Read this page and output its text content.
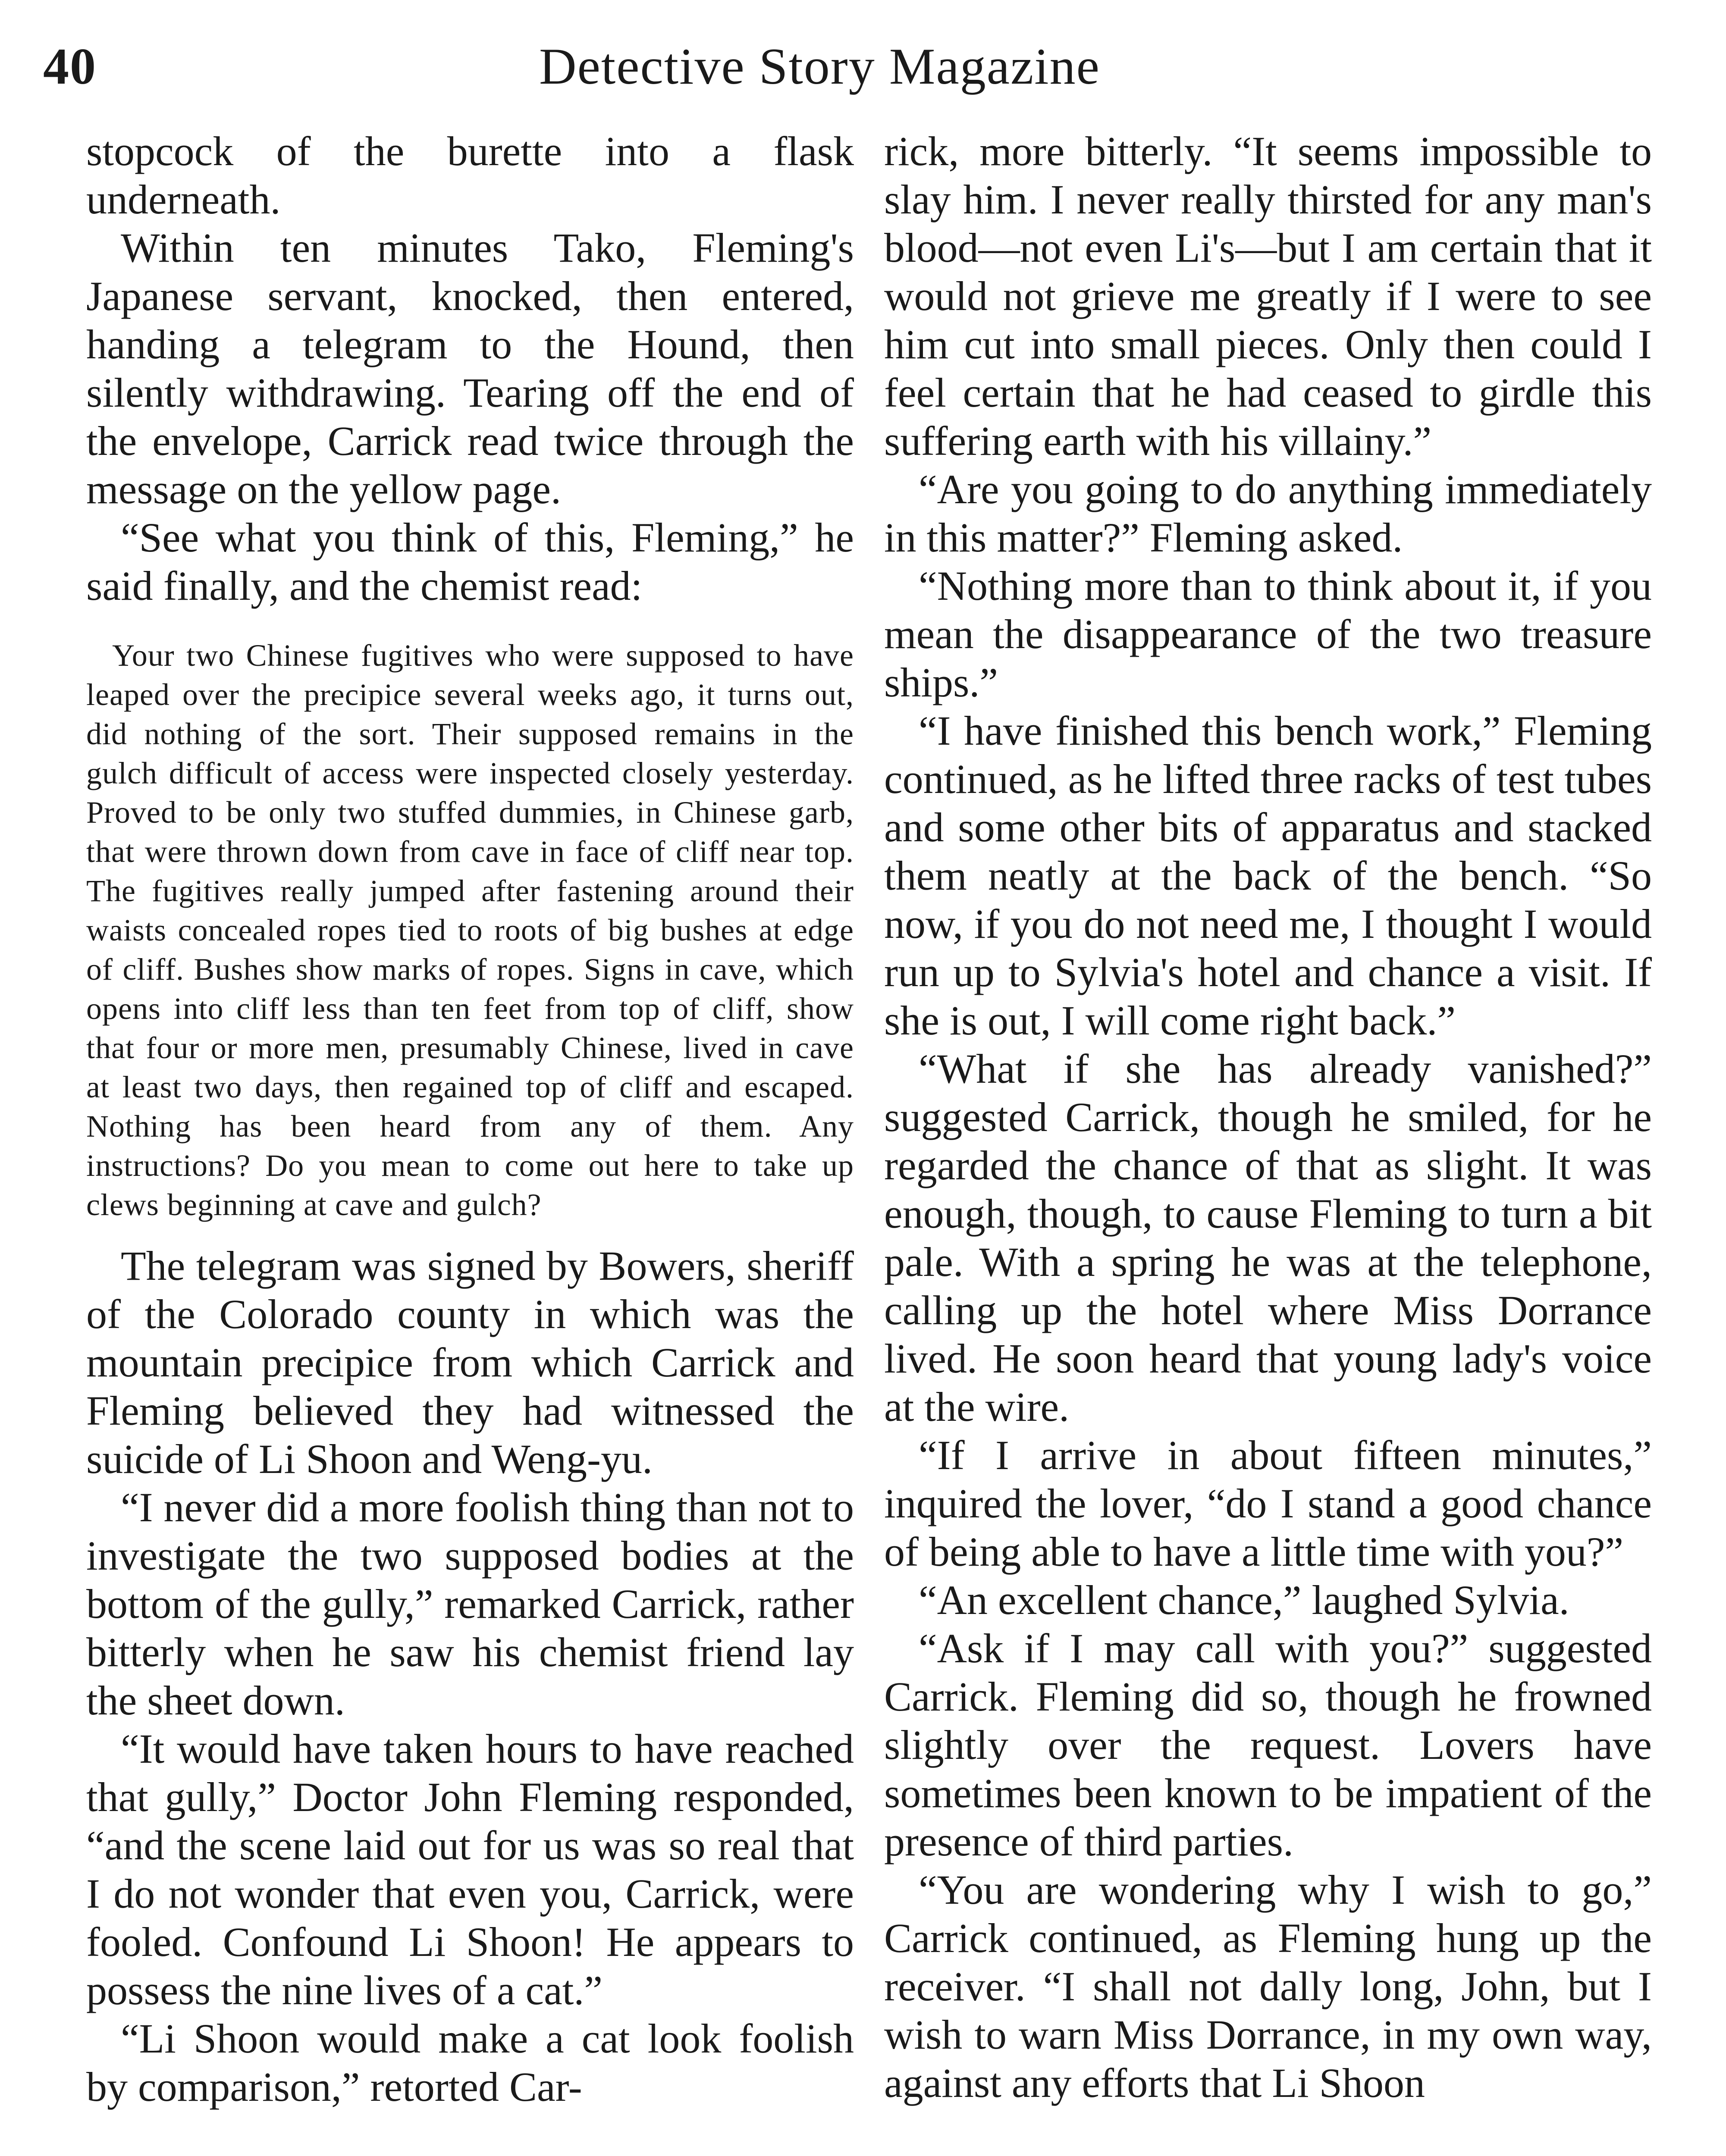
40	Detective Story Magazine

stopcock of the burette into a flask underneath.

Within ten minutes Tako, Fleming's Japanese servant, knocked, then entered, handing a telegram to the Hound, then silently withdrawing. Tearing off the end of the envelope, Carrick read twice through the message on the yellow page.

“See what you think of this, Fleming,” he said finally, and the chemist read:

Your two Chinese fugitives who were supposed to have leaped over the precipice several weeks ago, it turns out, did nothing of the sort. Their supposed remains in the gulch difficult of access were inspected closely yesterday. Proved to be only two stuffed dummies, in Chinese garb, that were thrown down from cave in face of cliff near top. The fugitives really jumped after fastening around their waists concealed ropes tied to roots of big bushes at edge of cliff. Bushes show marks of ropes. Signs in cave, which opens into cliff less than ten feet from top of cliff, show that four or more men, presumably Chinese, lived in cave at least two days, then regained top of cliff and escaped. Nothing has been heard from any of them. Any instructions? Do you mean to come out here to take up clews beginning at cave and gulch?

The telegram was signed by Bowers, sheriff of the Colorado county in which was the mountain precipice from which Carrick and Fleming believed they had witnessed the suicide of Li Shoon and Weng-yu.

“I never did a more foolish thing than not to investigate the two supposed bodies at the bottom of the gully,” remarked Carrick, rather bitterly when he saw his chemist friend lay the sheet down.

“It would have taken hours to have reached that gully,” Doctor John Fleming responded, “and the scene laid out for us was so real that I do not wonder that even you, Carrick, were fooled. Confound Li Shoon! He appears to possess the nine lives of a cat.”

“Li Shoon would make a cat look foolish by comparison,” retorted Car-

rick, more bitterly. “It seems impossible to slay him. I never really thirsted for any man's blood—not even Li's—but I am certain that it would not grieve me greatly if I were to see him cut into small pieces. Only then could I feel certain that he had ceased to girdle this suffering earth with his villainy.”

“Are you going to do anything immediately in this matter?” Fleming asked.

“Nothing more than to think about it, if you mean the disappearance of the two treasure ships.”

“I have finished this bench work,” Fleming continued, as he lifted three racks of test tubes and some other bits of apparatus and stacked them neatly at the back of the bench. “So now, if you do not need me, I thought I would run up to Sylvia's hotel and chance a visit. If she is out, I will come right back.”

“What if she has already vanished?” suggested Carrick, though he smiled, for he regarded the chance of that as slight. It was enough, though, to cause Fleming to turn a bit pale. With a spring he was at the telephone, calling up the hotel where Miss Dorrance lived. He soon heard that young lady's voice at the wire.

“If I arrive in about fifteen minutes,” inquired the lover, “do I stand a good chance of being able to have a little time with you?”

“An excellent chance,” laughed Sylvia.

“Ask if I may call with you?” suggested Carrick. Fleming did so, though he frowned slightly over the request. Lovers have sometimes been known to be impatient of the presence of third parties.

“You are wondering why I wish to go,” Carrick continued, as Fleming hung up the receiver. “I shall not dally long, John, but I wish to warn Miss Dorrance, in my own way, against any efforts that Li Shoon
